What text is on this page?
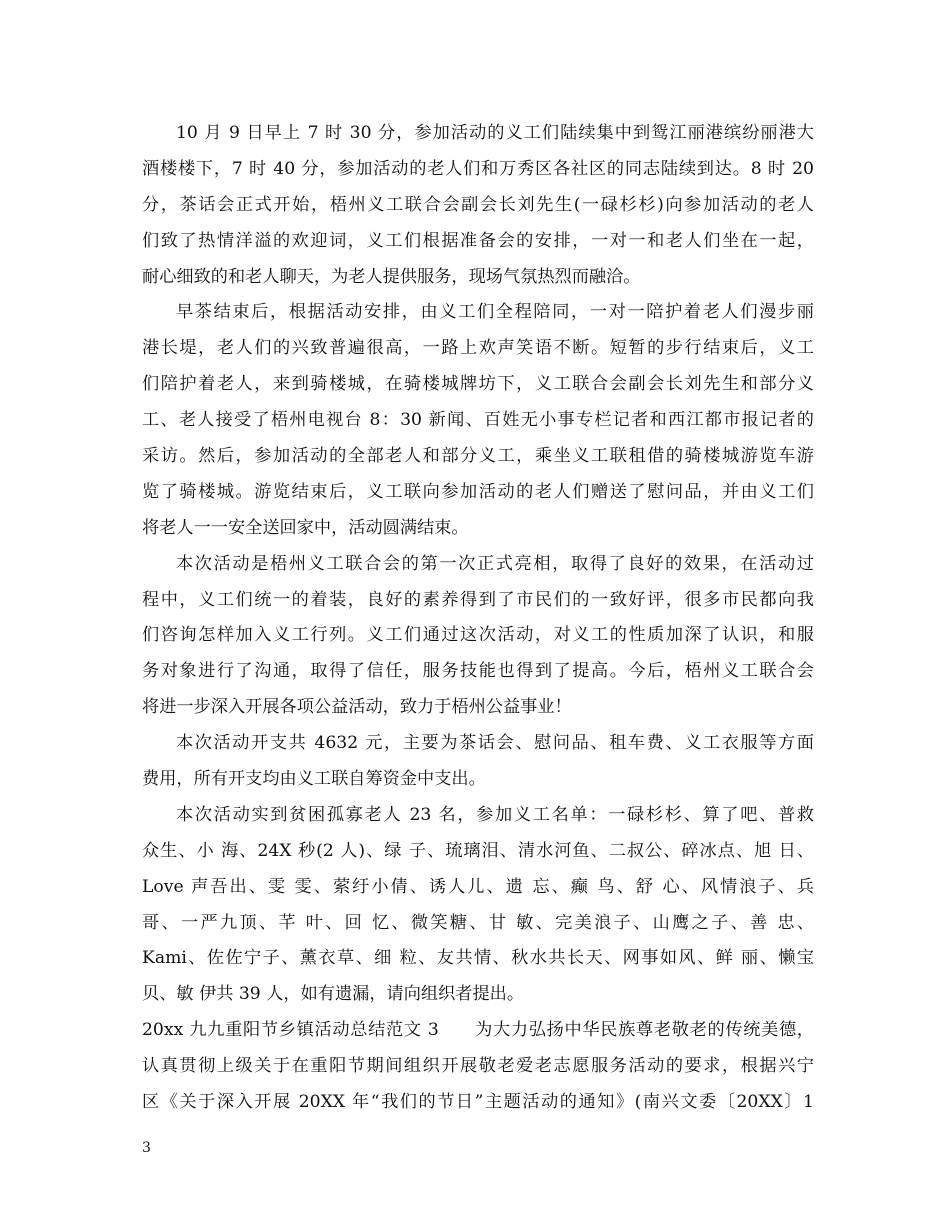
10 月 9 日早上 7 时 30 分，参加活动的义工们陆续集中到鸳江丽港缤纷丽港大
酒楼楼下，7 时 40 分，参加活动的老人们和万秀区各社区的同志陆续到达。8 时 20
分，茶话会正式开始，梧州义工联合会副会长刘先生(一碌杉杉)向参加活动的老人
们致了热情洋溢的欢迎词，义工们根据准备会的安排，一对一和老人们坐在一起，
耐心细致的和老人聊天，为老人提供服务，现场气氛热烈而融洽。
早茶结束后，根据活动安排，由义工们全程陪同，一对一陪护着老人们漫步丽
港长堤，老人们的兴致普遍很高，一路上欢声笑语不断。短暂的步行结束后，义工
们陪护着老人，来到骑楼城，在骑楼城牌坊下，义工联合会副会长刘先生和部分义
工、老人接受了梧州电视台 8：30 新闻、百姓无小事专栏记者和西江都市报记者的
采访。然后，参加活动的全部老人和部分义工，乘坐义工联租借的骑楼城游览车游
览了骑楼城。游览结束后，义工联向参加活动的老人们赠送了慰问品，并由义工们
将老人一一安全送回家中，活动圆满结束。
本次活动是梧州义工联合会的第一次正式亮相，取得了良好的效果，在活动过
程中，义工们统一的着装，良好的素养得到了市民们的一致好评，很多市民都向我
们咨询怎样加入义工行列。义工们通过这次活动，对义工的性质加深了认识，和服
务对象进行了沟通，取得了信任，服务技能也得到了提高。今后，梧州义工联合会
将进一步深入开展各项公益活动，致力于梧州公益事业！
本次活动开支共 4632 元，主要为茶话会、慰问品、租车费、义工衣服等方面
费用，所有开支均由义工联自筹资金中支出。
本次活动实到贫困孤寡老人 23 名，参加义工名单：一碌杉杉、算了吧、普救
众生、小 海、24X 秒(2 人)、绿 子、琉璃泪、清水河鱼、二叔公、碎冰点、旭 日、
Love 声吾出、雯 雯、萦纡小倩、诱人儿、遗 忘、癫 鸟、舒 心、风情浪子、兵
哥、一严九顶、芊 叶、回 忆、微笑糖、甘 敏、完美浪子、山鹰之子、善 忠、
Kami、佐佐宁子、薰衣草、细 粒、友共情、秋水共长天、网事如风、鲜 丽、懒宝
贝、敏 伊共 39 人，如有遗漏，请向组织者提出。
20xx 九九重阳节乡镇活动总结范文 3　　为大力弘扬中华民族尊老敬老的传统美德，
认真贯彻上级关于在重阳节期间组织开展敬老爱老志愿服务活动的要求，根据兴宁
区《关于深入开展 20XX 年“我们的节日”主题活动的通知》(南兴文委〔20XX〕1
3
